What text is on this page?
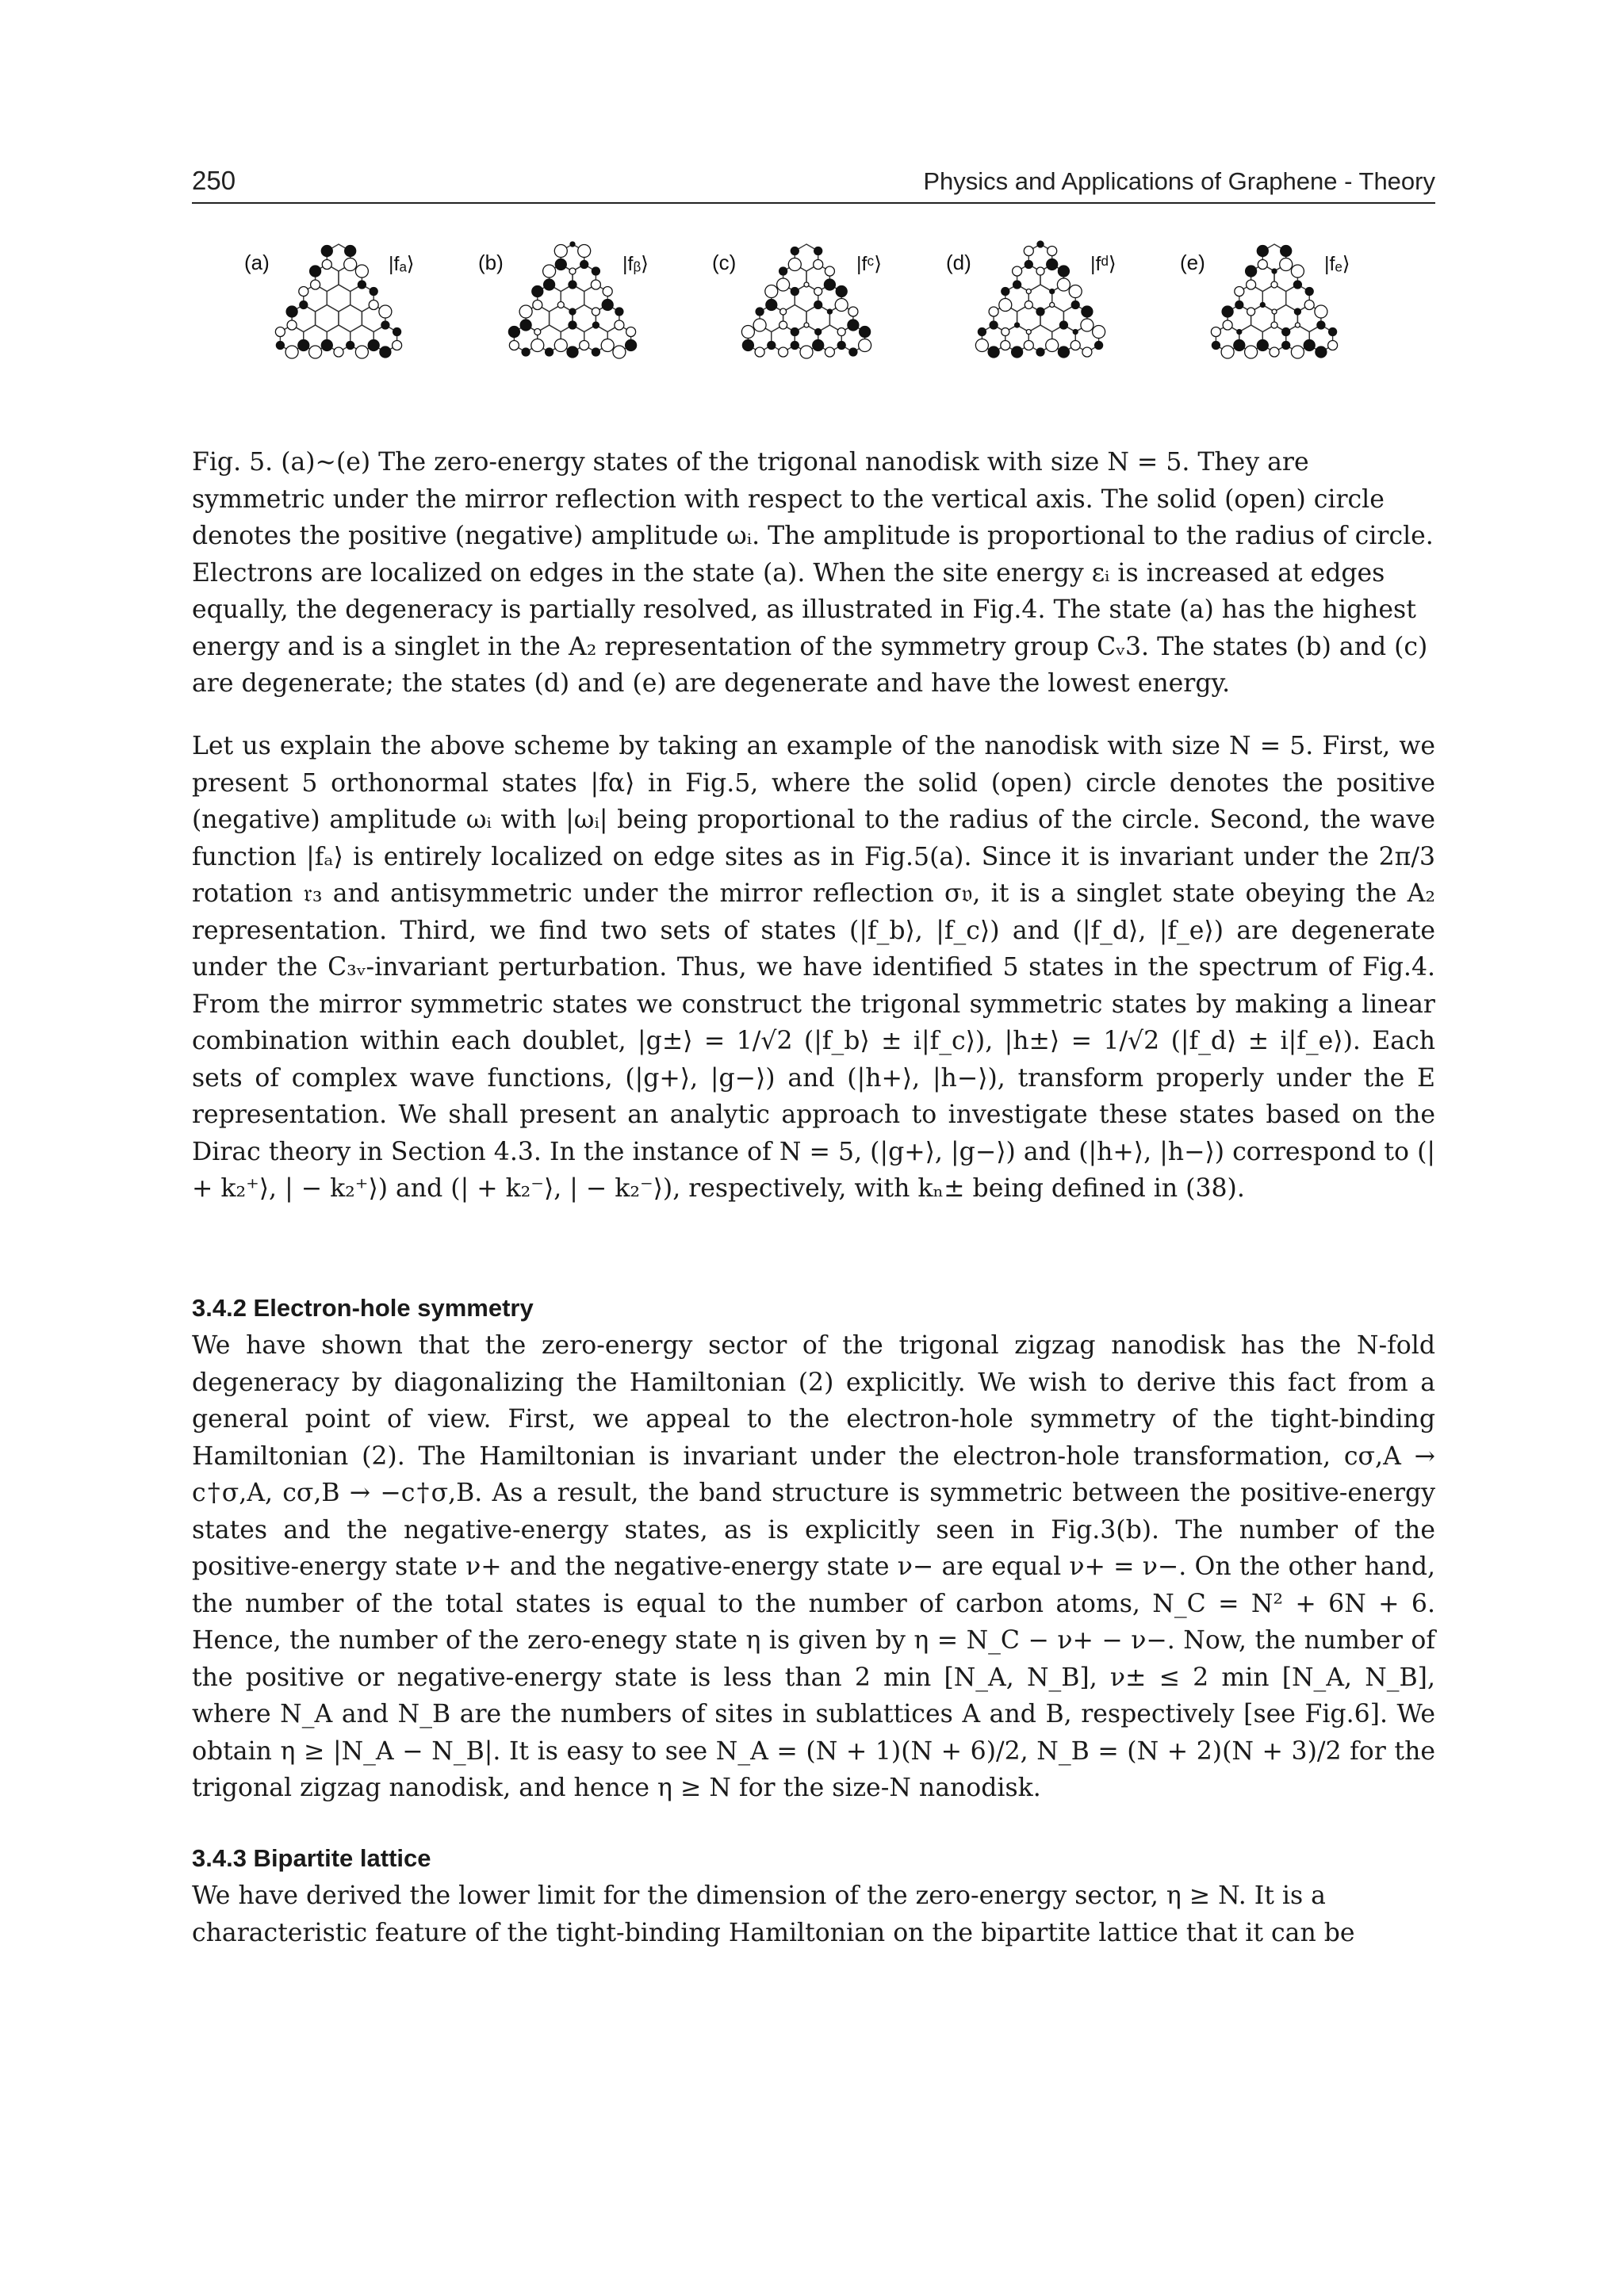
250	Physics and Applications of Graphene - Theory
(a)	|fₐ⟩	(b)	|fᵦ⟩	(c)	|fᶜ⟩	(d)	|fᵈ⟩	(e)	|fₑ⟩

Fig. 5. (a)∼(e) The zero-energy states of the trigonal nanodisk with size N = 5. They are symmetric under the mirror reflection with respect to the vertical axis. The solid (open) circle denotes the positive (negative) amplitude ωᵢ. The amplitude is proportional to the radius of circle. Electrons are localized on edges in the state (a). When the site energy εᵢ is increased at edges equally, the degeneracy is partially resolved, as illustrated in Fig.4. The state (a) has the highest energy and is a singlet in the A₂ representation of the symmetry group Cᵥ3. The states (b) and (c) are degenerate; the states (d) and (e) are degenerate and have the lowest energy.

Let us explain the above scheme by taking an example of the nanodisk with size N = 5. First, we present 5 orthonormal states |fα⟩ in Fig.5, where the solid (open) circle denotes the positive (negative) amplitude ωᵢ with |ωᵢ| being proportional to the radius of the circle. Second, the wave function |fₐ⟩ is entirely localized on edge sites as in Fig.5(a). Since it is invariant under the 2π/3 rotation 𝔯₃ and antisymmetric under the mirror reflection σ𝔳, it is a singlet state obeying the A₂ representation. Third, we find two sets of states (|f_b⟩, |f_c⟩) and (|f_d⟩, |f_e⟩) are degenerate under the C₃ᵥ-invariant perturbation. Thus, we have identified 5 states in the spectrum of Fig.4. From the mirror symmetric states we construct the trigonal symmetric states by making a linear combination within each doublet, |g±⟩ = 1/√2 (|f_b⟩ ± i|f_c⟩), |h±⟩ = 1/√2 (|f_d⟩ ± i|f_e⟩). Each sets of complex wave functions, (|g+⟩, |g−⟩) and (|h+⟩, |h−⟩), transform properly under the E representation. We shall present an analytic approach to investigate these states based on the Dirac theory in Section 4.3. In the instance of N = 5, (|g+⟩, |g−⟩) and (|h+⟩, |h−⟩) correspond to (| + k₂⁺⟩, | − k₂⁺⟩) and (| + k₂⁻⟩, | − k₂⁻⟩), respectively, with kₙ± being defined in (38).

3.4.2 Electron-hole symmetry

We have shown that the zero-energy sector of the trigonal zigzag nanodisk has the N-fold degeneracy by diagonalizing the Hamiltonian (2) explicitly. We wish to derive this fact from a general point of view. First, we appeal to the electron-hole symmetry of the tight-binding Hamiltonian (2). The Hamiltonian is invariant under the electron-hole transformation, cσ,A → c†σ,A, cσ,B → −c†σ,B. As a result, the band structure is symmetric between the positive-energy states and the negative-energy states, as is explicitly seen in Fig.3(b). The number of the positive-energy state ν+ and the negative-energy state ν− are equal ν+ = ν−. On the other hand, the number of the total states is equal to the number of carbon atoms, N_C = N² + 6N + 6. Hence, the number of the zero-enegy state η is given by η = N_C − ν+ − ν−. Now, the number of the positive or negative-energy state is less than 2 min [N_A, N_B], ν± ≤ 2 min [N_A, N_B], where N_A and N_B are the numbers of sites in sublattices A and B, respectively [see Fig.6]. We obtain η ≥ |N_A − N_B|. It is easy to see N_A = (N + 1)(N + 6)/2, N_B = (N + 2)(N + 3)/2 for the trigonal zigzag nanodisk, and hence η ≥ N for the size-N nanodisk.

3.4.3 Bipartite lattice

We have derived the lower limit for the dimension of the zero-energy sector, η ≥ N. It is a characteristic feature of the tight-binding Hamiltonian on the bipartite lattice that it can be
